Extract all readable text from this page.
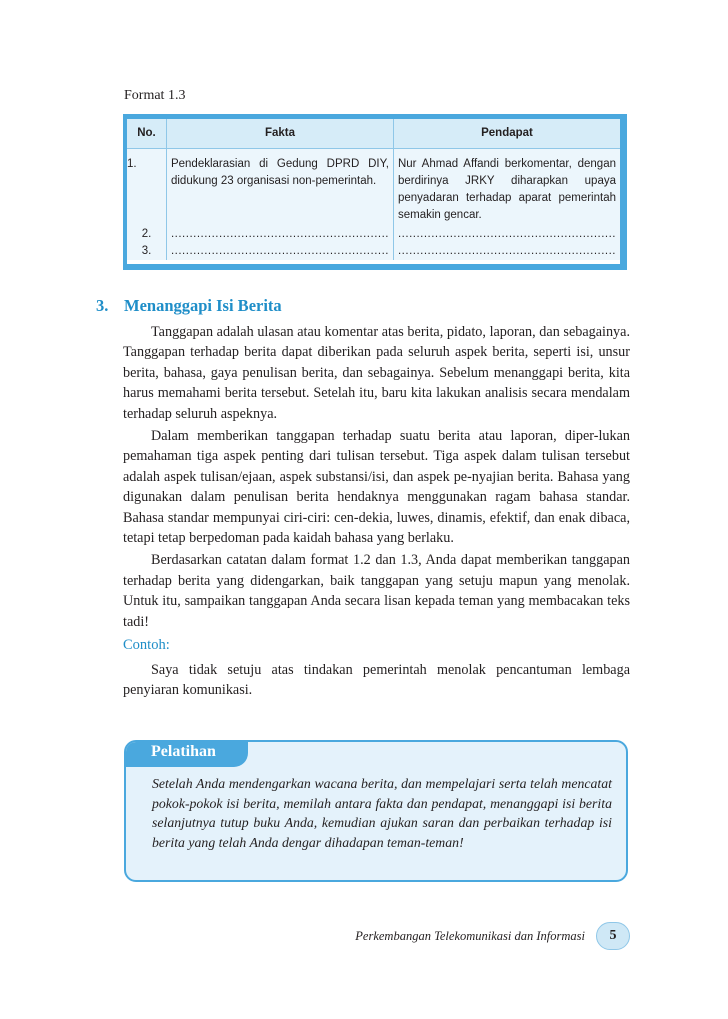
Format 1.3
No.	Fakta	Pendapat
1.	Pendeklarasian di Gedung DPRD DIY, didukung 23 organisasi non-pemerintah.	Nur Ahmad Affandi berkomentar, dengan berdirinya JRKY diharapkan upaya penyadaran terhadap aparat pemerintah semakin gencar.
2.	...........................................................	...........................................................
3.	...........................................................	...........................................................
3. Menanggapi Isi Berita

Tanggapan adalah ulasan atau komentar atas berita, pidato, laporan, dan sebagainya. Tanggapan terhadap berita dapat diberikan pada seluruh aspek berita, seperti isi, unsur berita, bahasa, gaya penulisan berita, dan sebagainya. Sebelum menanggapi berita, kita harus memahami berita tersebut. Setelah itu, baru kita lakukan analisis secara mendalam terhadap seluruh aspeknya.

Dalam memberikan tanggapan terhadap suatu berita atau laporan, diper-lukan pemahaman tiga aspek penting dari tulisan tersebut. Tiga aspek dalam tulisan tersebut adalah aspek tulisan/ejaan, aspek substansi/isi, dan aspek pe-nyajian berita. Bahasa yang digunakan dalam penulisan berita hendaknya menggunakan ragam bahasa standar. Bahasa standar mempunyai ciri-ciri: cen-dekia, luwes, dinamis, efektif, dan enak dibaca, tetapi tetap berpedoman pada kaidah bahasa yang berlaku.

Berdasarkan catatan dalam format 1.2 dan 1.3, Anda dapat memberikan tanggapan terhadap berita yang didengarkan, baik tanggapan yang setuju mapun yang menolak. Untuk itu, sampaikan tanggapan Anda secara lisan kepada teman yang membacakan teks tadi!

Contoh:

Saya tidak setuju atas tindakan pemerintah menolak pencantuman lembaga penyiaran komunikasi.

Pelatihan

Setelah Anda mendengarkan wacana berita, dan mempelajari serta telah mencatat pokok-pokok isi berita, memilah antara fakta dan pendapat, menanggapi isi berita selanjutnya tutup buku Anda, kemudian ajukan saran dan perbaikan terhadap isi berita yang telah Anda dengar dihadapan teman-teman!

Perkembangan Telekomunikasi dan Informasi	5
